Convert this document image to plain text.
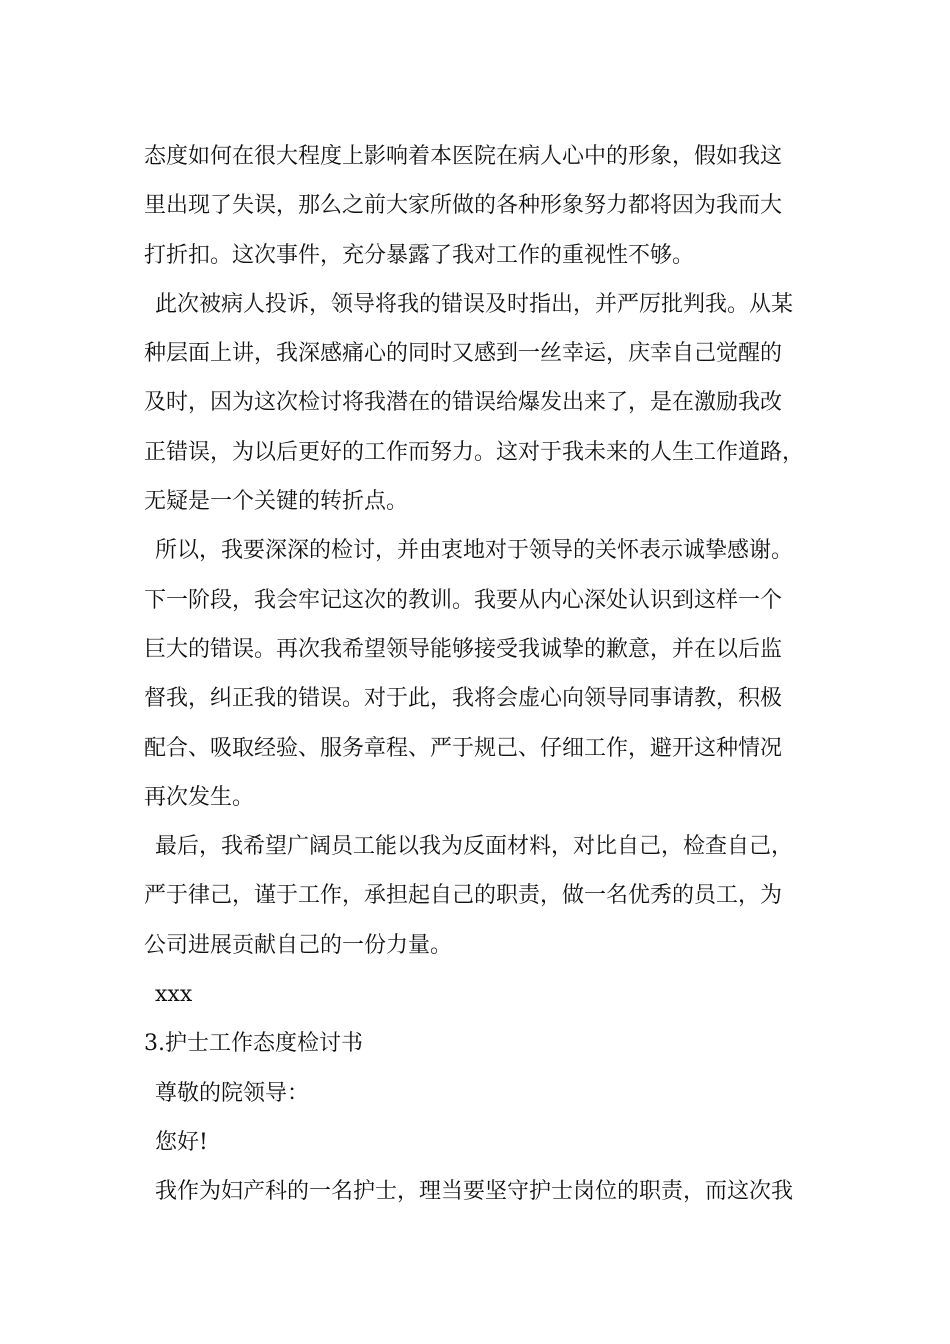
态度如何在很大程度上影响着本医院在病人心中的形象，假如我这
里出现了失误，那么之前大家所做的各种形象努力都将因为我而大
打折扣。这次事件，充分暴露了我对工作的重视性不够。
此次被病人投诉，领导将我的错误及时指出，并严厉批判我。从某
种层面上讲，我深感痛心的同时又感到一丝幸运，庆幸自己觉醒的
及时，因为这次检讨将我潜在的错误给爆发出来了，是在激励我改
正错误，为以后更好的工作而努力。这对于我未来的人生工作道路，
无疑是一个关键的转折点。
所以，我要深深的检讨，并由衷地对于领导的关怀表示诚挚感谢。
下一阶段，我会牢记这次的教训。我要从内心深处认识到这样一个
巨大的错误。再次我希望领导能够接受我诚挚的歉意，并在以后监
督我，纠正我的错误。对于此，我将会虚心向领导同事请教，积极
配合、吸取经验、服务章程、严于规己、仔细工作，避开这种情况
再次发生。
最后，我希望广阔员工能以我为反面材料，对比自己，检查自己，
严于律己，谨于工作，承担起自己的职责，做一名优秀的员工，为
公司进展贡献自己的一份力量。
xxx
3.护士工作态度检讨书
尊敬的院领导：
您好!
我作为妇产科的一名护士，理当要坚守护士岗位的职责，而这次我
